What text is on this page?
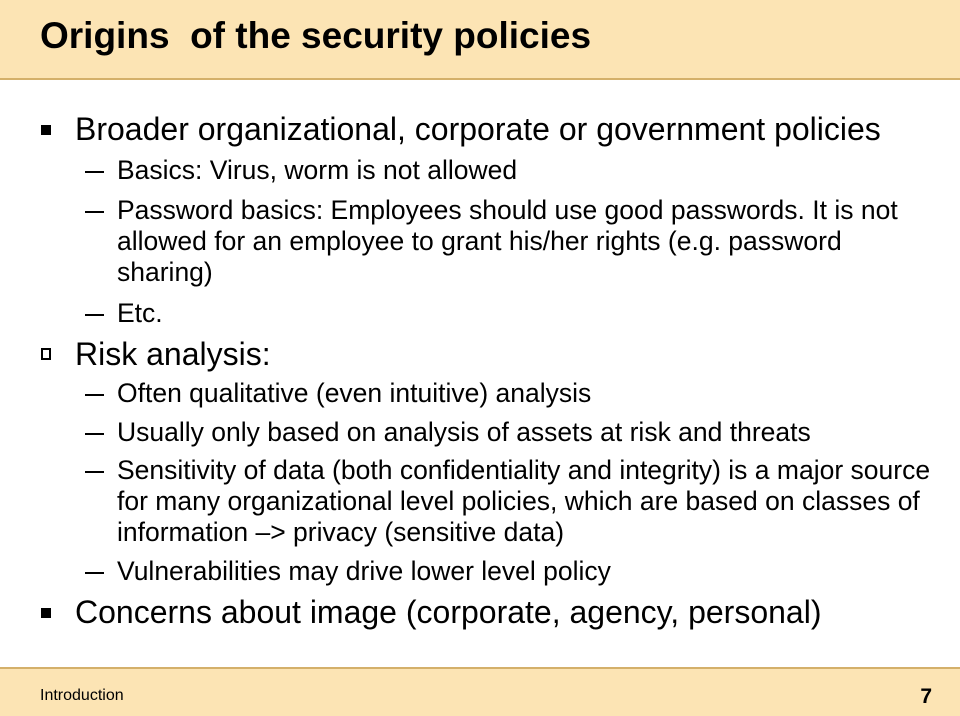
Origins  of the security policies
Broader organizational, corporate or government policies
Basics: Virus, worm is not allowed
Password basics: Employees should use good passwords. It is not
allowed for an employee to grant his/her rights (e.g. password
sharing)
Etc.
Risk analysis:
Often qualitative (even intuitive) analysis
Usually only based on analysis of assets at risk and threats
Sensitivity of data (both confidentiality and integrity) is a major source
for many organizational level policies, which are based on classes of
information –> privacy (sensitive data)
Vulnerabilities may drive lower level policy
Concerns about image (corporate, agency, personal)
Introduction	7
